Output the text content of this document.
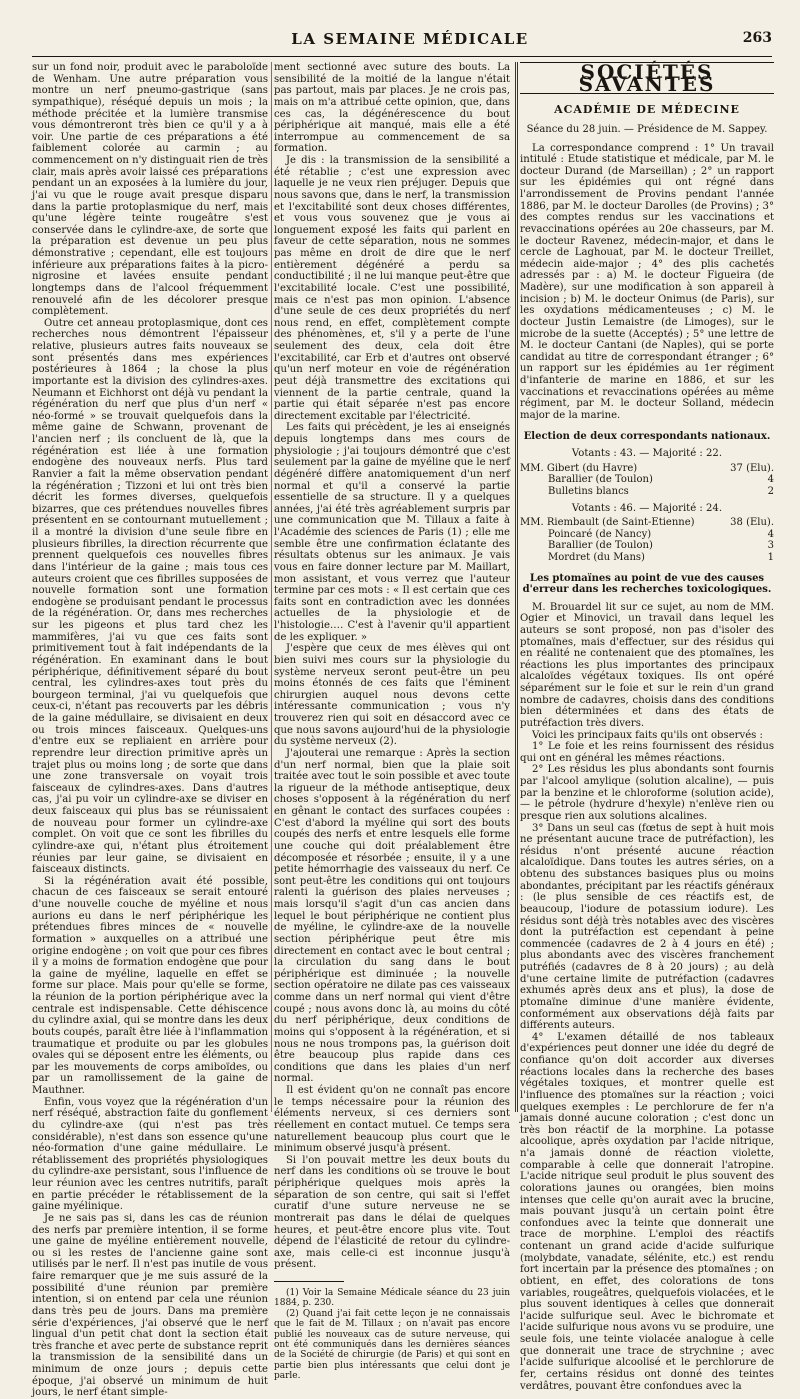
LA SEMAINE MÉDICALE	263

sur un fond noir, produit avec le paraboloïde de Wenham. Une autre préparation vous montre un nerf pneumo-gastrique (sans sympathique), réséqué depuis un mois ; la méthode précitée et la lumière transmise vous démontreront très bien ce qu'il y a à voir. Une partie de ces préparations a été faiblement colorée au carmin ; au commencement on n'y distinguait rien de très clair, mais après avoir laissé ces préparations pendant un an exposées à la lumière du jour, j'ai vu que le rouge avait presque disparu dans la partie protoplasmique du nerf, mais qu'une légère teinte rougeâtre s'est conservée dans le cylindre-axe, de sorte que la préparation est devenue un peu plus démonstrative ; cependant, elle est toujours inférieure aux préparations faites à la picro-nigrosine et lavées ensuite pendant longtemps dans de l'alcool fréquemment renouvelé afin de les décolorer presque complètement.

Outre cet anneau protoplasmique, dont ces recherches nous démontrent l'épaisseur relative, plusieurs autres faits nouveaux se sont présentés dans mes expériences postérieures à 1864 ; la chose la plus importante est la division des cylindres-axes. Neumann et Eichhorst ont déjà vu pendant la régénération du nerf que plus d'un nerf « néo-formé » se trouvait quelquefois dans la même gaine de Schwann, provenant de l'ancien nerf ; ils concluent de là, que la régénération est liée à une formation endogène des nouveaux nerfs. Plus tard Ranvier a fait la même observation pendant la régénération ; Tizzoni et lui ont très bien décrit les formes diverses, quelquefois bizarres, que ces prétendues nouvelles fibres présentent en se contournant mutuellement ; il a montré la division d'une seule fibre en plusieurs fibrilles, la direction récurrente que prennent quelquefois ces nouvelles fibres dans l'intérieur de la gaine ; mais tous ces auteurs croient que ces fibrilles supposées de nouvelle formation sont une formation endogène se produisant pendant le processus de la régénération. Or, dans mes recherches sur les pigeons et plus tard chez les mammifères, j'ai vu que ces faits sont primitivement tout à fait indépendants de la régénération. En examinant dans le bout périphérique, définitivement séparé du bout central, les cylindres-axes tout près du bourgeon terminal, j'ai vu quelquefois que ceux-ci, n'étant pas recouverts par les débris de la gaine médullaire, se divisaient en deux ou trois minces faisceaux. Quelques-uns d'entre eux se repliaient en arrière pour reprendre leur direction primitive après un trajet plus ou moins long ; de sorte que dans une zone transversale on voyait trois faisceaux de cylindres-axes. Dans d'autres cas, j'ai pu voir un cylindre-axe se diviser en deux faisceaux qui plus bas se réunissaient de nouveau pour former un cylindre-axe complet. On voit que ce sont les fibrilles du cylindre-axe qui, n'étant plus étroitement réunies par leur gaine, se divisaient en faisceaux distincts.

Si la régénération avait été possible, chacun de ces faisceaux se serait entouré d'une nouvelle couche de myéline et nous aurions eu dans le nerf périphérique les prétendues fibres minces de « nouvelle formation » auxquelles on a attribué une origine endogène ; on voit que pour ces fibres il y a moins de formation endogène que pour la gaine de myéline, laquelle en effet se forme sur place. Mais pour qu'elle se forme, la réunion de la portion périphérique avec la centrale est indispensable. Cette déhiscence du cylindre axial, qui se montre dans les deux bouts coupés, paraît être liée à l'inflammation traumatique et produite ou par les globules ovales qui se déposent entre les éléments, ou par les mouvements de corps amiboïdes, ou par un ramollissement de la gaine de Mauthner.

Enfin, vous voyez que la régénération d'un nerf réséqué, abstraction faite du gonflement du cylindre-axe (qui n'est pas très considérable), n'est dans son essence qu'une néo-formation d'une gaine médullaire. Le rétablissement des propriétés physiologiques du cylindre-axe persistant, sous l'influence de leur réunion avec les centres nutritifs, paraît en partie précéder le rétablissement de la gaine myélinique.

Je ne sais pas si, dans les cas de réunion des nerfs par première intention, il se forme une gaine de myéline entièrement nouvelle, ou si les restes de l'ancienne gaine sont utilisés par le nerf. Il n'est pas inutile de vous faire remarquer que je me suis assuré de la possibilité d'une réunion par première intention, si on entend par cela une réunion dans très peu de jours. Dans ma première série d'expériences, j'ai observé que le nerf lingual d'un petit chat dont la section était très franche et avec perte de substance reprit la transmission de la sensibilité dans un minimum de onze jours ; depuis cette époque, j'ai observé un minimum de huit jours, le nerf étant simple-

ment sectionné avec suture des bouts. La sensibilité de la moitié de la langue n'était pas partout, mais par places. Je ne crois pas, mais on m'a attribué cette opinion, que, dans ces cas, la dégénérescence du bout périphérique ait manqué, mais elle a été interrompue au commencement de sa formation.

Je dis : la transmission de la sensibilité a été rétablie ; c'est une expression avec laquelle je ne veux rien préjuger. Depuis que nous savons que, dans le nerf, la transmission et l'excitabilité sont deux choses différentes, et vous vous souvenez que je vous ai longuement exposé les faits qui parlent en faveur de cette séparation, nous ne sommes pas même en droit de dire que le nerf entièrement dégénéré a perdu sa conductibilité ; il ne lui manque peut-être que l'excitabilité locale. C'est une possibilité, mais ce n'est pas mon opinion. L'absence d'une seule de ces deux propriétés du nerf nous rend, en effet, complètement compte des phénomènes, et, s'il y a perte de l'une seulement des deux, cela doit être l'excitabilité, car Erb et d'autres ont observé qu'un nerf moteur en voie de régénération peut déjà transmettre des excitations qui viennent de la partie centrale, quand la partie qui était séparée n'est pas encore directement excitable par l'électricité.

Les faits qui précèdent, je les ai enseignés depuis longtemps dans mes cours de physiologie ; j'ai toujours démontré que c'est seulement par la gaine de myéline que le nerf dégénéré diffère anatomiquement d'un nerf normal et qu'il a conservé la partie essentielle de sa structure. Il y a quelques années, j'ai été très agréablement surpris par une communication que M. Tillaux a faite à l'Académie des sciences de Paris (1) ; elle me semble être une confirmation éclatante des résultats obtenus sur les animaux. Je vais vous en faire donner lecture par M. Maillart, mon assistant, et vous verrez que l'auteur termine par ces mots : « Il est certain que ces faits sont en contradiction avec les données actuelles de la physiologie et de l'histologie.… C'est à l'avenir qu'il appartient de les expliquer. »

J'espère que ceux de mes élèves qui ont bien suivi mes cours sur la physiologie du système nerveux seront peut-être un peu moins étonnés de ces faits que l'éminent chirurgien auquel nous devons cette intéressante communication ; vous n'y trouverez rien qui soit en désaccord avec ce que nous savons aujourd'hui de la physiologie du système nerveux (2).

J'ajouterai une remarque : Après la section d'un nerf normal, bien que la plaie soit traitée avec tout le soin possible et avec toute la rigueur de la méthode antiseptique, deux choses s'opposent à la régénération du nerf en gênant le contact des surfaces coupées : C'est d'abord la myéline qui sort des bouts coupés des nerfs et entre lesquels elle forme une couche qui doit préalablement être décomposée et résorbée ; ensuite, il y a une petite hémorrhagie des vaisseaux du nerf. Ce sont peut-être les conditions qui ont toujours ralenti la guérison des plaies nerveuses ; mais lorsqu'il s'agit d'un cas ancien dans lequel le bout périphérique ne contient plus de myéline, le cylindre-axe de la nouvelle section périphérique peut être mis directement en contact avec le bout central ; la circulation du sang dans le bout périphérique est diminuée ; la nouvelle section opératoire ne dilate pas ces vaisseaux comme dans un nerf normal qui vient d'être coupé ; nous avons donc là, au moins du côté du nerf périphérique, deux conditions de moins qui s'opposent à la régénération, et si nous ne nous trompons pas, la guérison doit être beaucoup plus rapide dans ces conditions que dans les plaies d'un nerf normal.

Il est évident qu'on ne connaît pas encore le temps nécessaire pour la réunion des éléments nerveux, si ces derniers sont réellement en contact mutuel. Ce temps sera naturellement beaucoup plus court que le minimum observé jusqu'à présent.

Si l'on pouvait mettre les deux bouts du nerf dans les conditions où se trouve le bout périphérique quelques mois après la séparation de son centre, qui sait si l'effet curatif d'une suture nerveuse ne se montrerait pas dans le délai de quelques heures, et peut-être encore plus vite. Tout dépend de l'élasticité de retour du cylindre-axe, mais celle-ci est inconnue jusqu'à présent.

(1) Voir la Semaine Médicale séance du 23 juin 1884, p. 230.

(2) Quand j'ai fait cette leçon je ne connaissais que le fait de M. Tillaux ; on n'avait pas encore publié les nouveaux cas de suture nerveuse, qui ont été communiqués dans les dernières séances de la Société de chirurgie (de Paris) et qui sont en partie bien plus intéressants que celui dont je parle.

SOCIÉTÉS SAVANTES
ACADÉMIE DE MÉDECINE
Séance du 28 juin. — Présidence de M. Sappey.

La correspondance comprend : 1° Un travail intitulé : Etude statistique et médicale, par M. le docteur Durand (de Marseillan) ; 2° un rapport sur les épidémies qui ont régné dans l'arrondissement de Provins pendant l'année 1886, par M. le docteur Darolles (de Provins) ; 3° des comptes rendus sur les vaccinations et revaccinations opérées au 20e chasseurs, par M. le docteur Ravenez, médecin-major, et dans le cercle de Laghouat, par M. le docteur Treillet, médecin aide-major ; 4° des plis cachetés adressés par : a) M. le docteur Figueira (de Madère), sur une modification à son appareil à incision ; b) M. le docteur Onimus (de Paris), sur les oxydations médicamenteuses ; c) M. le docteur Justin Lemaistre (de Limoges), sur le microbe de la suette (Acceptés) ; 5° une lettre de M. le docteur Cantani (de Naples), qui se porte candidat au titre de correspondant étranger ; 6° un rapport sur les épidémies au 1er régiment d'infanterie de marine en 1886, et sur les vaccinations et revaccinations opérées au même régiment, par M. le docteur Solland, médecin major de la marine.

Election de deux correspondants nationaux.
Votants : 43. — Majorité : 22.
MM. Gibert (du Havre)	37 (Elu).
Barallier (de Toulon)	4
Bulletins blancs	2
Votants : 46. — Majorité : 24.
MM. Riembault (de Saint-Etienne)	38 (Elu).
Poincaré (de Nancy)	4
Barallier (de Toulon)	3
Mordret (du Mans)	1
Les ptomaïnes au point de vue des causes d'erreur dans les recherches toxicologiques.

M. Brouardel lit sur ce sujet, au nom de MM. Ogier et Minovici, un travail dans lequel les auteurs se sont proposé, non pas d'isoler des ptomaïnes, mais d'effectuer, sur des résidus qui en réalité ne contenaient que des ptomaïnes, les réactions les plus importantes des principaux alcaloïdes végétaux toxiques. Ils ont opéré séparément sur le foie et sur le rein d'un grand nombre de cadavres, choisis dans des conditions bien déterminées et dans des états de putréfaction très divers.

Voici les principaux faits qu'ils ont observés :

1° Le foie et les reins fournissent des résidus qui ont en général les mêmes réactions.

2° Les résidus les plus abondants sont fournis par l'alcool amylique (solution alcaline), — puis par la benzine et le chloroforme (solution acide), — le pétrole (hydrure d'hexyle) n'enlève rien ou presque rien aux solutions alcalines.

3° Dans un seul cas (fœtus de sept à huit mois ne présentant aucune trace de putréfaction), les résidus n'ont présenté aucune réaction alcaloïdique. Dans toutes les autres séries, on a obtenu des substances basiques plus ou moins abondantes, précipitant par les réactifs généraux : (le plus sensible de ces réactifs est, de beaucoup, l'iodure de potassium iodure). Les résidus sont déjà très notables avec des viscères dont la putréfaction est cependant à peine commencée (cadavres de 2 à 4 jours en été) ; plus abondants avec des viscères franchement putréfiés (cadavres de 8 à 20 jours) ; au delà d'une certaine limite de putréfaction (cadavres exhumés après deux ans et plus), la dose de ptomaïne diminue d'une manière évidente, conformément aux observations déjà faits par différents auteurs.

4° L'examen détaillé de nos tableaux d'expériences peut donner une idée du degré de confiance qu'on doit accorder aux diverses réactions locales dans la recherche des bases végétales toxiques, et montrer quelle est l'influence des ptomaïnes sur la réaction ; voici quelques exemples : Le perchlorure de fer n'a jamais donné aucune coloration ; c'est donc un très bon réactif de la morphine. La potasse alcoolique, après oxydation par l'acide nitrique, n'a jamais donné de réaction violette, comparable à celle que donnerait l'atropine. L'acide nitrique seul produit le plus souvent des colorations jaunes ou orangées, bien moins intenses que celle qu'on aurait avec la brucine, mais pouvant jusqu'à un certain point être confondues avec la teinte que donnerait une trace de morphine. L'emploi des réactifs contenant un grand acide d'acide sulfurique (molybdate, vanadate, sélénite, etc.) est rendu fort incertain par la présence des ptomaïnes ; on obtient, en effet, des colorations de tons variables, rougeâtres, quelquefois violacées, et le plus souvent identiques à celles que donnerait l'acide sulfurique seul. Avec le bichromate et l'acide sulfurique nous avons vu se produire, une seule fois, une teinte violacée analogue à celle que donnerait une trace de strychnine ; avec l'acide sulfurique alcoolisé et le perchlorure de fer, certains résidus ont donné des teintes verdâtres, pouvant être confondues avec la
